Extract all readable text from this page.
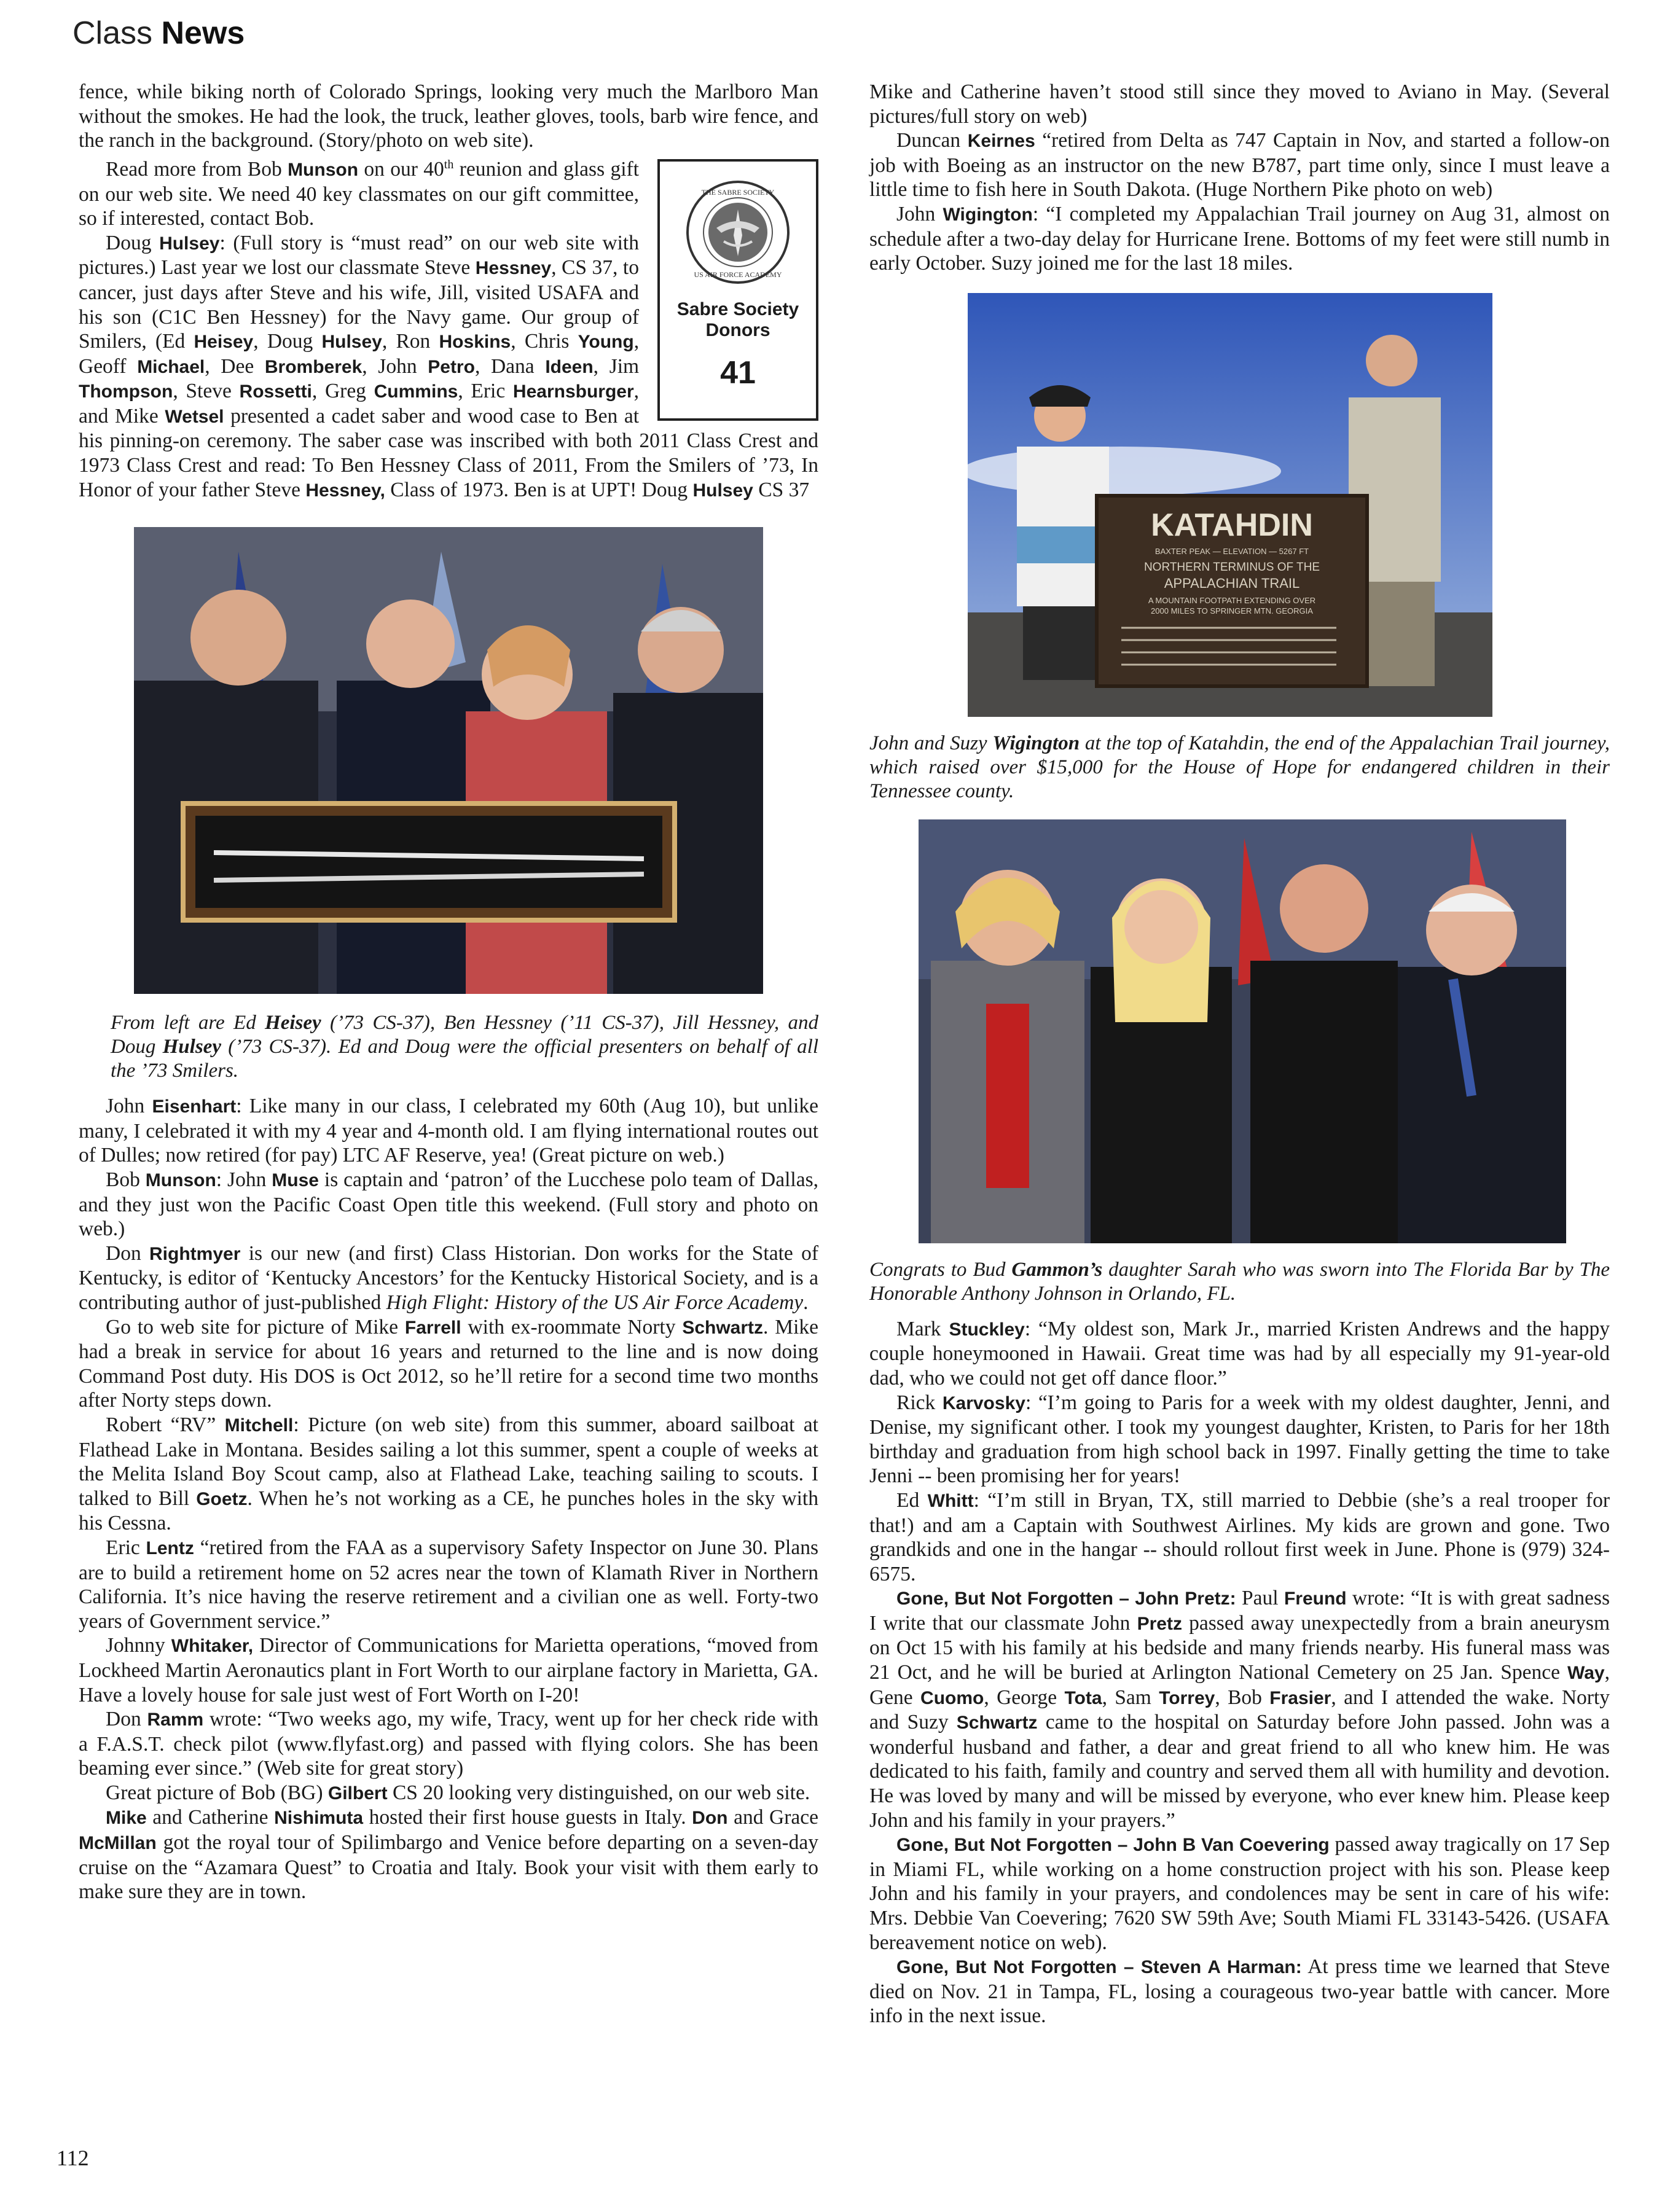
Class News

fence, while biking north of Colorado Springs, looking very much the Marlboro Man without the smokes. He had the look, the truck, leather gloves, tools, barb wire fence, and the ranch in the background. (Story/photo on web site).

THE SABRE SOCIETY
US AIR FORCE ACADEMY
Sabre Society Donors
41

Read more from Bob Munson on our 40th reunion and glass gift on our web site. We need 40 key classmates on our gift committee, so if interested, contact Bob.

Doug Hulsey: (Full story is “must read” on our web site with pictures.) Last year we lost our classmate Steve Hessney, CS 37, to cancer, just days after Steve and his wife, Jill, visited USAFA and his son (C1C Ben Hessney) for the Navy game. Our group of Smilers, (Ed Heisey, Doug Hulsey, Ron Hoskins, Chris Young, Geoff Michael, Dee Bromberek, John Petro, Dana Ideen, Jim Thompson, Steve Rossetti, Greg Cummins, Eric Hearnsburger, and Mike Wetsel presented a cadet saber and wood case to Ben at his pinning-on ceremony. The saber case was inscribed with both 2011 Class Crest and 1973 Class Crest and read: To Ben Hessney Class of 2011, From the Smilers of ’73, In Honor of your father Steve Hessney, Class of 1973. Ben is at UPT! Doug Hulsey CS 37

From left are Ed Heisey (’73 CS-37), Ben Hessney (’11 CS-37), Jill Hessney, and Doug Hulsey (’73 CS-37). Ed and Doug were the official presenters on behalf of all the ’73 Smilers.

John Eisenhart: Like many in our class, I celebrated my 60th (Aug 10), but unlike many, I celebrated it with my 4 year and 4-month old. I am flying international routes out of Dulles; now retired (for pay) LTC AF Reserve, yea! (Great picture on web.)

Bob Munson: John Muse is captain and ‘patron’ of the Lucchese polo team of Dallas, and they just won the Pacific Coast Open title this weekend. (Full story and photo on web.)

Don Rightmyer is our new (and first) Class Historian. Don works for the State of Kentucky, is editor of ‘Kentucky Ancestors’ for the Kentucky Historical Society, and is a contributing author of just-published High Flight: History of the US Air Force Academy.

Go to web site for picture of Mike Farrell with ex-roommate Norty Schwartz. Mike had a break in service for about 16 years and returned to the line and is now doing Command Post duty. His DOS is Oct 2012, so he’ll retire for a second time two months after Norty steps down.

Robert “RV” Mitchell: Picture (on web site) from this summer, aboard sailboat at Flathead Lake in Montana. Besides sailing a lot this summer, spent a couple of weeks at the Melita Island Boy Scout camp, also at Flathead Lake, teaching sailing to scouts. I talked to Bill Goetz. When he’s not working as a CE, he punches holes in the sky with his Cessna.

Eric Lentz “retired from the FAA as a supervisory Safety Inspector on June 30. Plans are to build a retirement home on 52 acres near the town of Klamath River in Northern California. It’s nice having the reserve retirement and a civilian one as well. Forty-two years of Government service.”

Johnny Whitaker, Director of Communications for Marietta operations, “moved from Lockheed Martin Aeronautics plant in Fort Worth to our airplane factory in Marietta, GA. Have a lovely house for sale just west of Fort Worth on I-20!

Don Ramm wrote: “Two weeks ago, my wife, Tracy, went up for her check ride with a F.A.S.T. check pilot (www.flyfast.org) and passed with flying colors. She has been beaming ever since.” (Web site for great story)

Great picture of Bob (BG) Gilbert CS 20 looking very distinguished, on our web site.

Mike and Catherine Nishimuta hosted their first house guests in Italy. Don and Grace McMillan got the royal tour of Spilimbargo and Venice before departing on a seven-day cruise on the “Azamara Quest” to Croatia and Italy. Book your visit with them early to make sure they are in town.

Mike and Catherine haven’t stood still since they moved to Aviano in May. (Several pictures/full story on web)

Duncan Keirnes “retired from Delta as 747 Captain in Nov, and started a follow-on job with Boeing as an instructor on the new B787, part time only, since I must leave a little time to fish here in South Dakota. (Huge Northern Pike photo on web)

John Wigington: “I completed my Appalachian Trail journey on Aug 31, almost on schedule after a two-day delay for Hurricane Irene. Bottoms of my feet were still numb in early October. Suzy joined me for the last 18 miles.

KATAHDIN
BAXTER PEAK — ELEVATION — 5267 FT
NORTHERN TERMINUS OF THE
APPALACHIAN TRAIL
A MOUNTAIN FOOTPATH EXTENDING OVER
2000 MILES TO SPRINGER MTN. GEORGIA

John and Suzy Wigington at the top of Katahdin, the end of the Appalachian Trail journey, which raised over $15,000 for the House of Hope for endangered children in their Tennessee county.

Congrats to Bud Gammon’s daughter Sarah who was sworn into The Florida Bar by The Honorable Anthony Johnson in Orlando, FL.

Mark Stuckley: “My oldest son, Mark Jr., married Kristen Andrews and the happy couple honeymooned in Hawaii. Great time was had by all especially my 91-year-old dad, who we could not get off dance floor.”

Rick Karvosky: “I’m going to Paris for a week with my oldest daughter, Jenni, and Denise, my significant other. I took my youngest daughter, Kristen, to Paris for her 18th birthday and graduation from high school back in 1997. Finally getting the time to take Jenni -- been promising her for years!

Ed Whitt: “I’m still in Bryan, TX, still married to Debbie (she’s a real trooper for that!) and am a Captain with Southwest Airlines. My kids are grown and gone. Two grandkids and one in the hangar -- should rollout first week in June. Phone is (979) 324-6575.

Gone, But Not Forgotten – John Pretz: Paul Freund wrote: “It is with great sadness I write that our classmate John Pretz passed away unexpectedly from a brain aneurysm on Oct 15 with his family at his bedside and many friends nearby. His funeral mass was 21 Oct, and he will be buried at Arlington National Cemetery on 25 Jan. Spence Way, Gene Cuomo, George Tota, Sam Torrey, Bob Frasier, and I attended the wake. Norty and Suzy Schwartz came to the hospital on Saturday before John passed. John was a wonderful husband and father, a dear and great friend to all who knew him. He was dedicated to his faith, family and country and served them all with humility and devotion. He was loved by many and will be missed by everyone, who ever knew him. Please keep John and his family in your prayers.”

Gone, But Not Forgotten – John B Van Coevering passed away tragically on 17 Sep in Miami FL, while working on a home construction project with his son. Please keep John and his family in your prayers, and condolences may be sent in care of his wife: Mrs. Debbie Van Coevering; 7620 SW 59th Ave; South Miami FL 33143-5426. (USAFA bereavement notice on web).

Gone, But Not Forgotten – Steven A Harman: At press time we learned that Steve died on Nov. 21 in Tampa, FL, losing a courageous two-year battle with cancer. More info in the next issue.

112
